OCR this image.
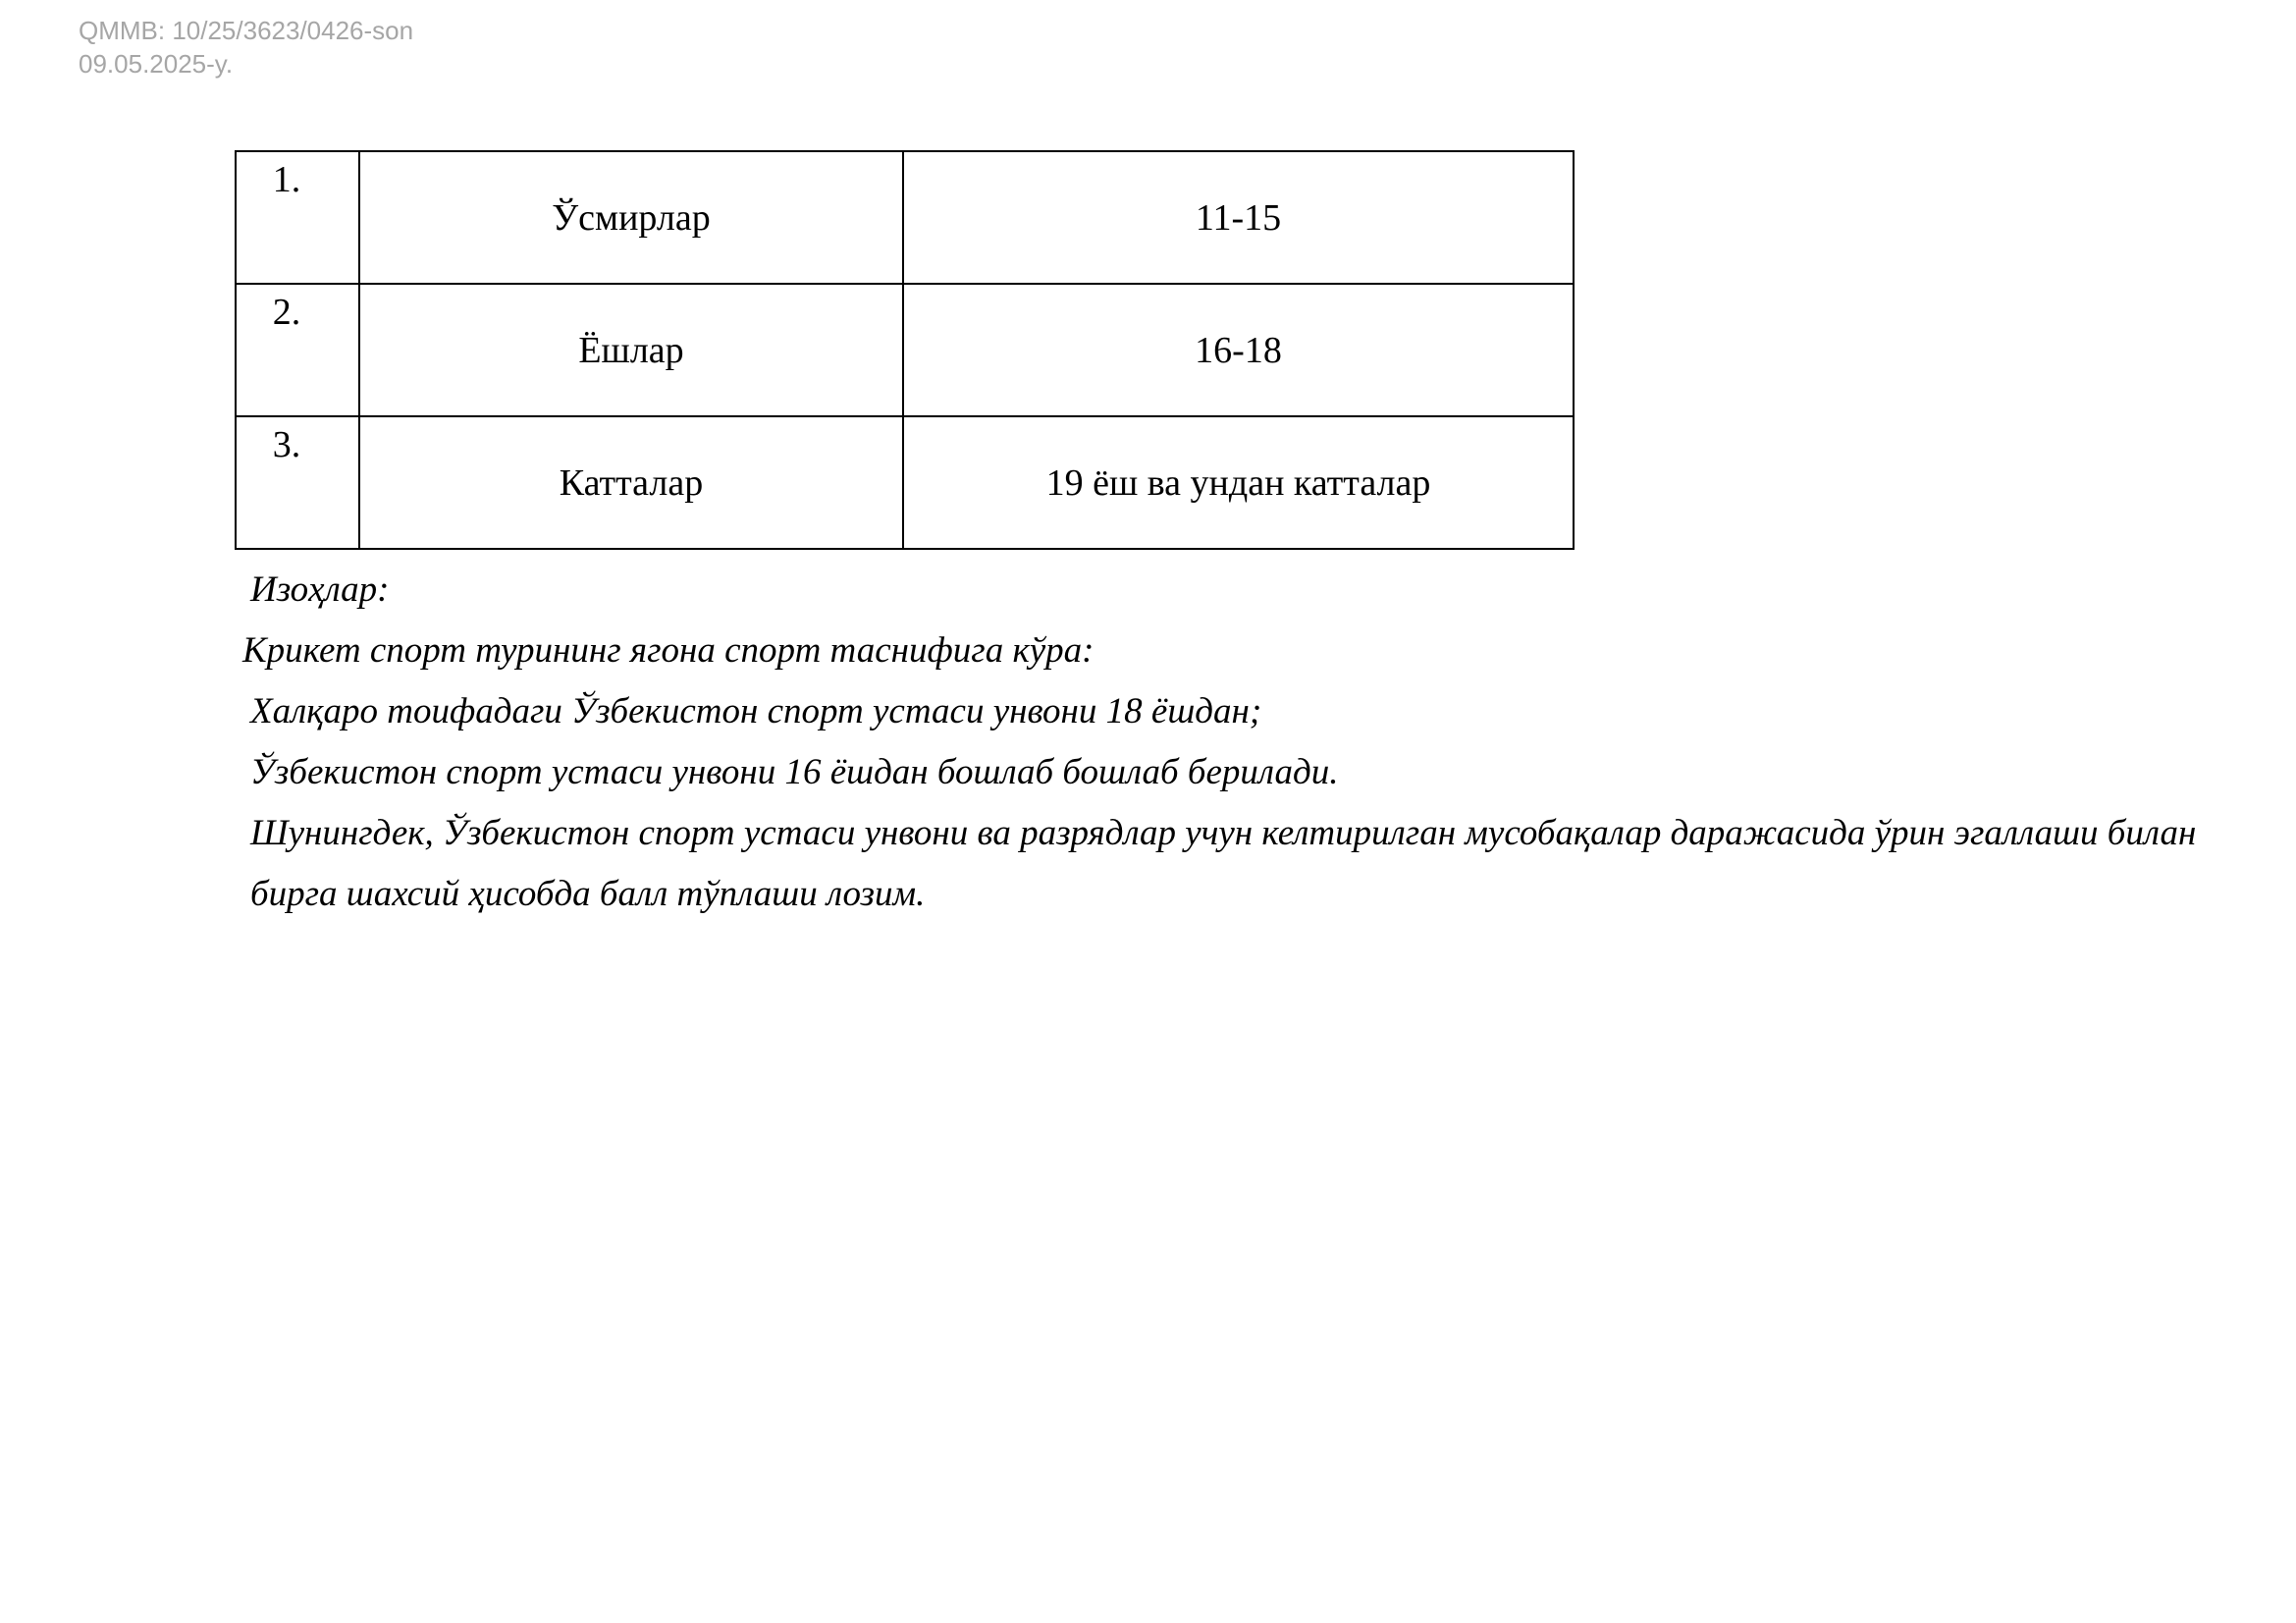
QMMB: 10/25/3623/0426-son
09.05.2025-y.
1.	Ўсмирлар	11-15
2.	Ёшлар	16-18
3.	Катталар	19 ёш ва ундан катталар

Изоҳлар:

Крикет спорт турининг ягона спорт таснифига кўра:

Халқаро тоифадаги Ўзбекистон спорт устаси унвони 18 ёшдан;

Ўзбекистон спорт устаси унвони 16 ёшдан бошлаб бошлаб берилади.

Шунингдек, Ўзбекистон спорт устаси унвони ва разрядлар учун келтирилган мусобақалар даражасида ўрин эгаллаши билан бирга шахсий ҳисобда балл тўплаши лозим.
